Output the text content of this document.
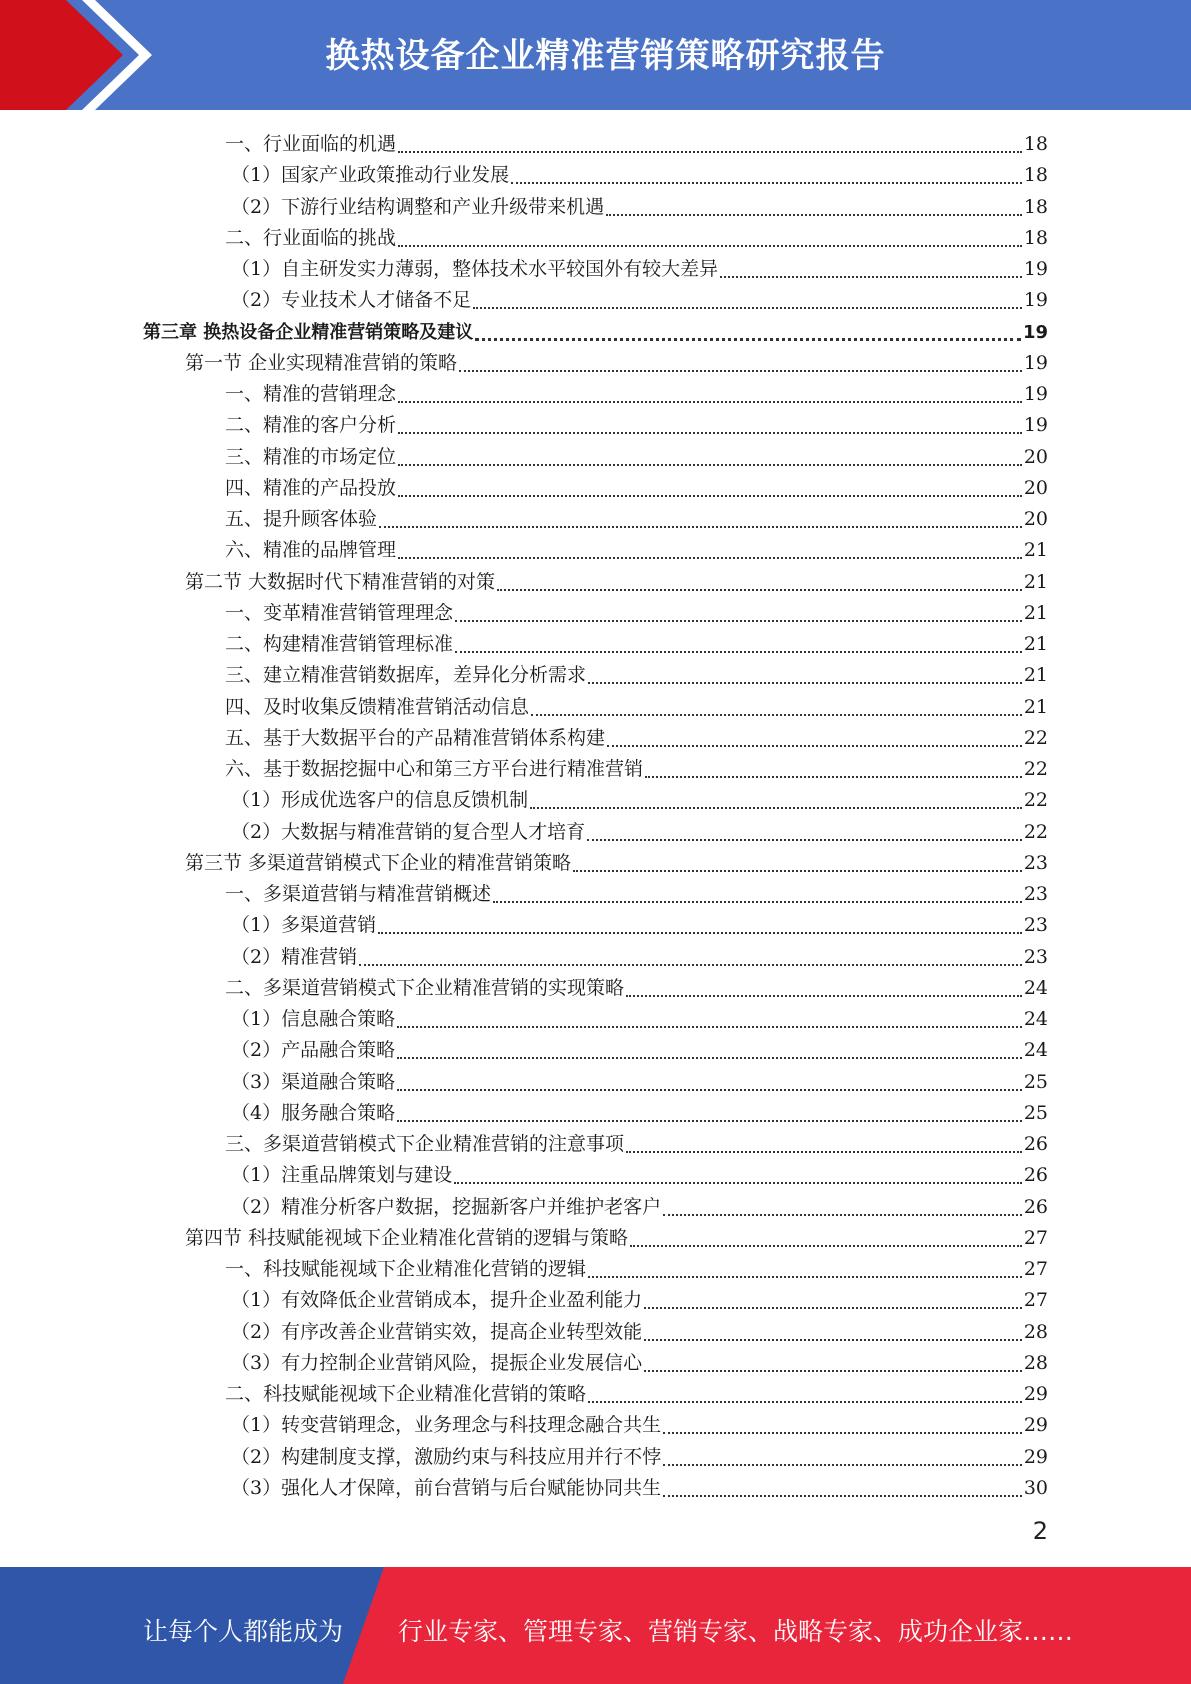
换热设备企业精准营销策略研究报告
一、行业面临的机遇	18
（1）国家产业政策推动行业发展	18
（2）下游行业结构调整和产业升级带来机遇	18
二、行业面临的挑战	18
（1）自主研发实力薄弱，整体技术水平较国外有较大差异	19
（2）专业技术人才储备不足	19
第三章 换热设备企业精准营销策略及建议	19
第一节 企业实现精准营销的策略	19
一、精准的营销理念	19
二、精准的客户分析	19
三、精准的市场定位	20
四、精准的产品投放	20
五、提升顾客体验	20
六、精准的品牌管理	21
第二节 大数据时代下精准营销的对策	21
一、变革精准营销管理理念	21
二、构建精准营销管理标准	21
三、建立精准营销数据库，差异化分析需求	21
四、及时收集反馈精准营销活动信息	21
五、基于大数据平台的产品精准营销体系构建	22
六、基于数据挖掘中心和第三方平台进行精准营销	22
（1）形成优选客户的信息反馈机制	22
（2）大数据与精准营销的复合型人才培育	22
第三节 多渠道营销模式下企业的精准营销策略	23
一、多渠道营销与精准营销概述	23
（1）多渠道营销	23
（2）精准营销	23
二、多渠道营销模式下企业精准营销的实现策略	24
（1）信息融合策略	24
（2）产品融合策略	24
（3）渠道融合策略	25
（4）服务融合策略	25
三、多渠道营销模式下企业精准营销的注意事项	26
（1）注重品牌策划与建设	26
（2）精准分析客户数据，挖掘新客户并维护老客户	26
第四节 科技赋能视域下企业精准化营销的逻辑与策略	27
一、科技赋能视域下企业精准化营销的逻辑	27
（1）有效降低企业营销成本，提升企业盈利能力	27
（2）有序改善企业营销实效，提高企业转型效能	28
（3）有力控制企业营销风险，提振企业发展信心	28
二、科技赋能视域下企业精准化营销的策略	29
（1）转变营销理念，业务理念与科技理念融合共生	29
（2）构建制度支撑，激励约束与科技应用并行不悖	29
（3）强化人才保障，前台营销与后台赋能协同共生	30
2
让每个人都能成为 行业专家、管理专家、营销专家、战略专家、成功企业家……
